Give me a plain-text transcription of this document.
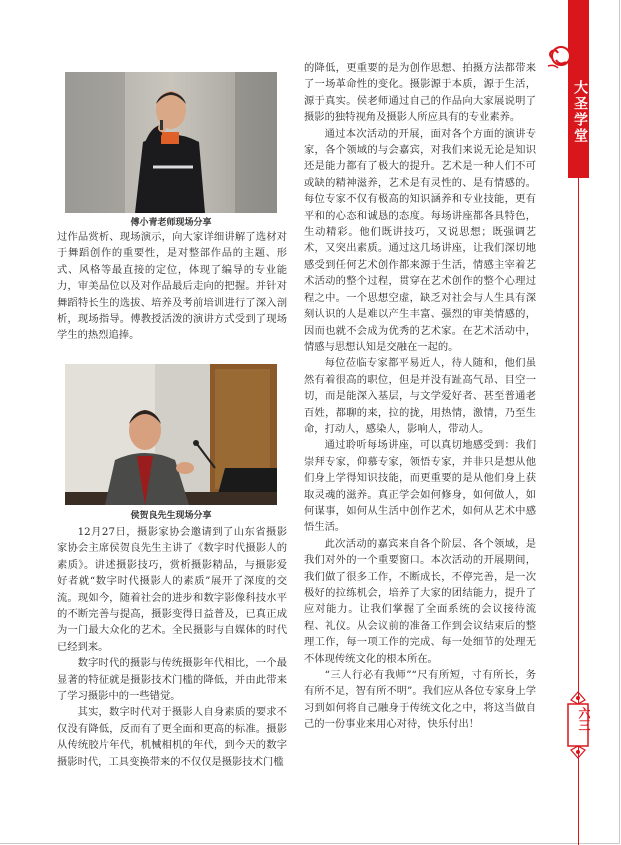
大圣学堂
六三
傅小青老师现场分享

过作品赏析、现场演示，向大家详细讲解了选材对于舞蹈创作的重要性，是对整部作品的主题、形式、风格等最直接的定位，体现了编导的专业能力，审美品位以及对作品最后走向的把握。并针对舞蹈特长生的选拔、培养及考前培训进行了深入剖析，现场指导。傅教授活泼的演讲方式受到了现场学生的热烈追捧。

侯贺良先生现场分享

12月27日，摄影家协会邀请到了山东省摄影家协会主席侯贺良先生主讲了《数字时代摄影人的素质》。讲述摄影技巧，赏析摄影精品，与摄影爱好者就“数字时代摄影人的素质”展开了深度的交流。现如今，随着社会的进步和数字影像科技水平的不断完善与提高，摄影变得日益普及，已真正成为一门最大众化的艺术。全民摄影与自媒体的时代已经到来。

数字时代的摄影与传统摄影年代相比，一个最显著的特征就是摄影技术门槛的降低，并由此带来了学习摄影中的一些错觉。

其实，数字时代对于摄影人自身素质的要求不仅没有降低，反而有了更全面和更高的标准。摄影从传统胶片年代，机械相机的年代，到今天的数字摄影时代，工具变换带来的不仅仅是摄影技术门槛

的降低，更重要的是为创作思想、拍摄方法都带来了一场革命性的变化。摄影源于本质，源于生活，源于真实。侯老师通过自己的作品向大家展说明了摄影的独特视角及摄影人所应具有的专业素养。

通过本次活动的开展，面对各个方面的演讲专家，各个领域的与会嘉宾，对我们来说无论是知识还是能力都有了极大的提升。艺术是一种人们不可或缺的精神滋养，艺术是有灵性的、是有情感的。每位专家不仅有极高的知识涵养和专业技能，更有平和的心态和诚恳的态度。每场讲座都各具特色，生动精彩。他们既讲技巧，又说思想；既强调艺术，又突出素质。通过这几场讲座，让我们深切地感受到任何艺术创作都来源于生活，情感主宰着艺术活动的整个过程，贯穿在艺术创作的整个心理过程之中。一个思想空虚，缺乏对社会与人生具有深刻认识的人是难以产生丰富、强烈的审美情感的，因而也就不会成为优秀的艺术家。在艺术活动中，情感与思想认知是交融在一起的。

每位莅临专家都平易近人，待人随和，他们虽然有着很高的职位，但是并没有趾高气昂、目空一切，而是能深入基层，与文学爱好者、甚至普通老百姓，都聊的来，拉的拢，用热情，激情，乃至生命，打动人，感染人，影响人，带动人。

通过聆听每场讲座，可以真切地感受到：我们崇拜专家，仰慕专家，领悟专家，并非只是想从他们身上学得知识技能，而更重要的是从他们身上获取灵魂的滋养。真正学会如何修身，如何做人，如何谋事，如何从生活中创作艺术，如何从艺术中感悟生活。

此次活动的嘉宾来自各个阶层、各个领域，是我们对外的一个重要窗口。本次活动的开展期间，我们做了很多工作，不断成长，不停完善，是一次极好的拉练机会，培养了大家的团结能力，提升了应对能力。让我们掌握了全面系统的会议接待流程、礼仪。从会议前的准备工作到会议结束后的整理工作，每一项工作的完成、每一处细节的处理无不体现传统文化的根本所在。

“三人行必有我师”“尺有所短，寸有所长，务有所不足，智有所不明”。我们应从各位专家身上学习到如何将自己融身于传统文化之中，将这当做自己的一份事业来用心对待，快乐付出！
